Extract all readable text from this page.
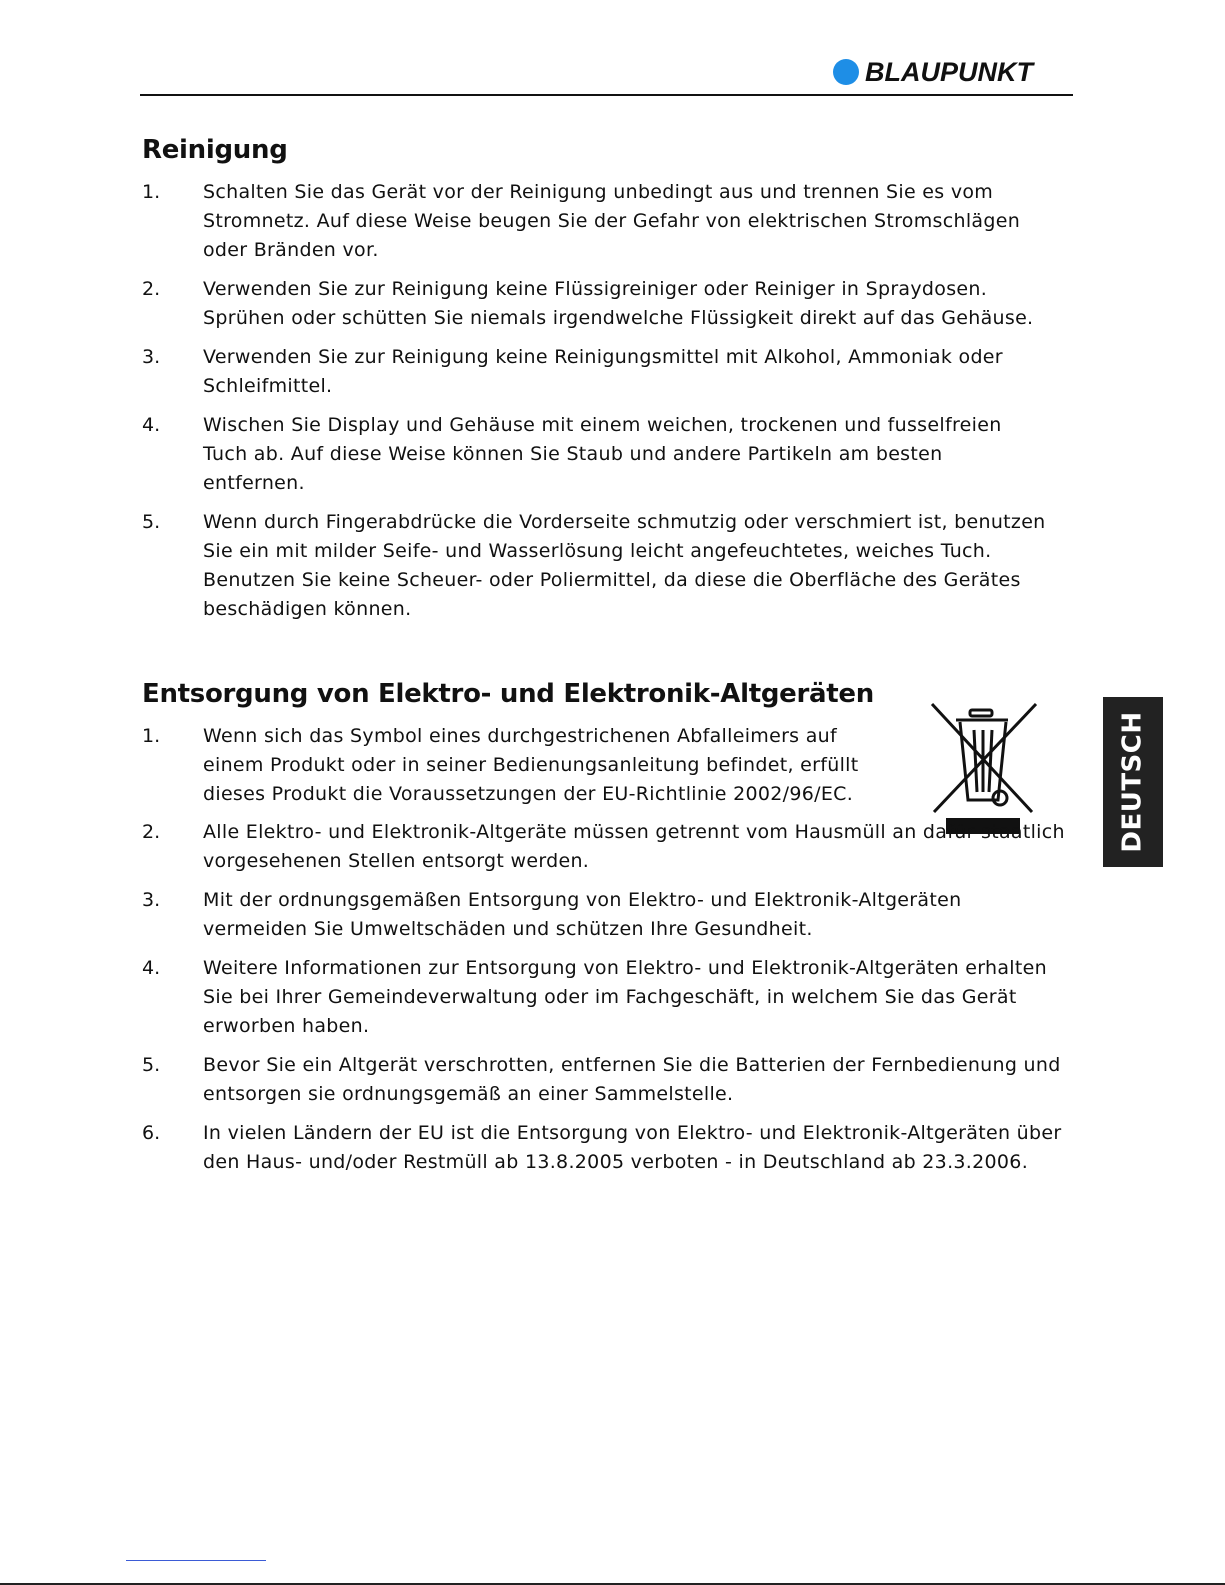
BLAUPUNKT
Reinigung
1. Schalten Sie das Gerät vor der Reinigung unbedingt aus und trennen Sie es vom Stromnetz. Auf diese Weise beugen Sie der Gefahr von elektrischen Stromschlägen oder Bränden vor.
2. Verwenden Sie zur Reinigung keine Flüssigreiniger oder Reiniger in Spraydosen. Sprühen oder schütten Sie niemals irgendwelche Flüssigkeit direkt auf das Gehäuse.
3. Verwenden Sie zur Reinigung keine Reinigungsmittel mit Alkohol, Ammoniak oder Schleifmittel.
4. Wischen Sie Display und Gehäuse mit einem weichen, trockenen und fusselfreien Tuch ab. Auf diese Weise können Sie Staub und andere Partikeln am besten entfernen.
5. Wenn durch Fingerabdrücke die Vorderseite schmutzig oder verschmiert ist, benutzen Sie ein mit milder Seife- und Wasserlösung leicht angefeuchtetes, weiches Tuch. Benutzen Sie keine Scheuer- oder Poliermittel, da diese die Oberfläche des Gerätes beschädigen können.
Entsorgung von Elektro- und Elektronik-Altgeräten
1. Wenn sich das Symbol eines durchgestrichenen Abfalleimers auf einem Produkt oder in seiner Bedienungsanleitung befindet, erfüllt dieses Produkt die Voraussetzungen der EU-Richtlinie 2002/96/EC.
2. Alle Elektro- und Elektronik-Altgeräte müssen getrennt vom Hausmüll an dafür staatlich vorgesehenen Stellen entsorgt werden.
3. Mit der ordnungsgemäßen Entsorgung von Elektro- und Elektronik-Altgeräten vermeiden Sie Umweltschäden und schützen Ihre Gesundheit.
4. Weitere Informationen zur Entsorgung von Elektro- und Elektronik-Altgeräten erhalten Sie bei Ihrer Gemeindeverwaltung oder im Fachgeschäft, in welchem Sie das Gerät erworben haben.
5. Bevor Sie ein Altgerät verschrotten, entfernen Sie die Batterien der Fernbedienung und entsorgen sie ordnungsgemäß an einer Sammelstelle.
6. In vielen Ländern der EU ist die Entsorgung von Elektro- und Elektronik-Altgeräten über den Haus- und/oder Restmüll ab 13.8.2005 verboten - in Deutschland ab 23.3.2006.
DEUTSCH
